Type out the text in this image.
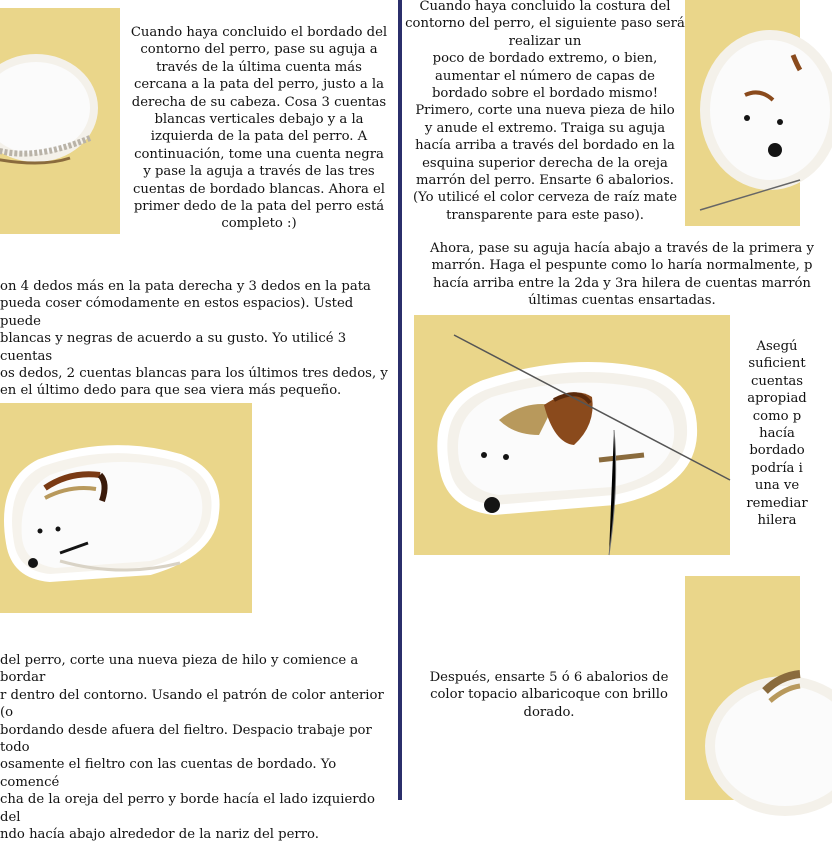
Cuando haya concluido el bordado del
contorno del perro, pase su aguja a
través de la última cuenta más
cercana a la pata del perro, justo a la
derecha de su cabeza. Cosa 3 cuentas
blancas verticales debajo y a la
izquierda de la pata del perro. A
continuación, tome una cuenta negra
y pase la aguja a través de las tres
cuentas de bordado blancas. Ahora el
primer dedo de la pata del perro está
completo :)
on 4 dedos más en la pata derecha y 3 dedos en la pata
pueda coser cómodamente en estos espacios). Usted puede
blancas y negras de acuerdo a su gusto. Yo utilicé 3 cuentas
os dedos, 2 cuentas blancas para los últimos tres dedos, y
en el último dedo para que sea viera más pequeño.
del perro, corte una nueva pieza de hilo y comience a bordar
r dentro del contorno. Usando el patrón de color anterior (o
bordando desde afuera del fieltro. Despacio trabaje por todo
osamente el fieltro con las cuentas de bordado. Yo comencé
cha de la oreja del perro y borde hacía el lado izquierdo del
ndo hacía abajo alrededor de la nariz del perro.
Cuando haya concluido la costura del
contorno del perro, el siguiente paso será realizar un
poco de bordado extremo, o bien,
aumentar el número de capas de
bordado sobre el bordado mismo!
Primero, corte una nueva pieza de hilo
y anude el extremo. Traiga su aguja
hacía arriba a través del bordado en la
esquina superior derecha de la oreja
marrón del perro. Ensarte 6 abalorios.
(Yo utilicé el color cerveza de raíz mate
transparente para este paso).
Ahora, pase su aguja hacía abajo a través de la primera y
marrón. Haga el pespunte como lo haría normalmente, p
hacía arriba entre la 2da y 3ra hilera de cuentas marrón
últimas cuentas ensartadas.
Asegú
suficient
cuentas
apropiad
como p
hacía
bordado
podría i
una ve
remediar
hilera
Después, ensarte 5 ó 6 abalorios de
color topacio albaricoque con brillo
dorado.
